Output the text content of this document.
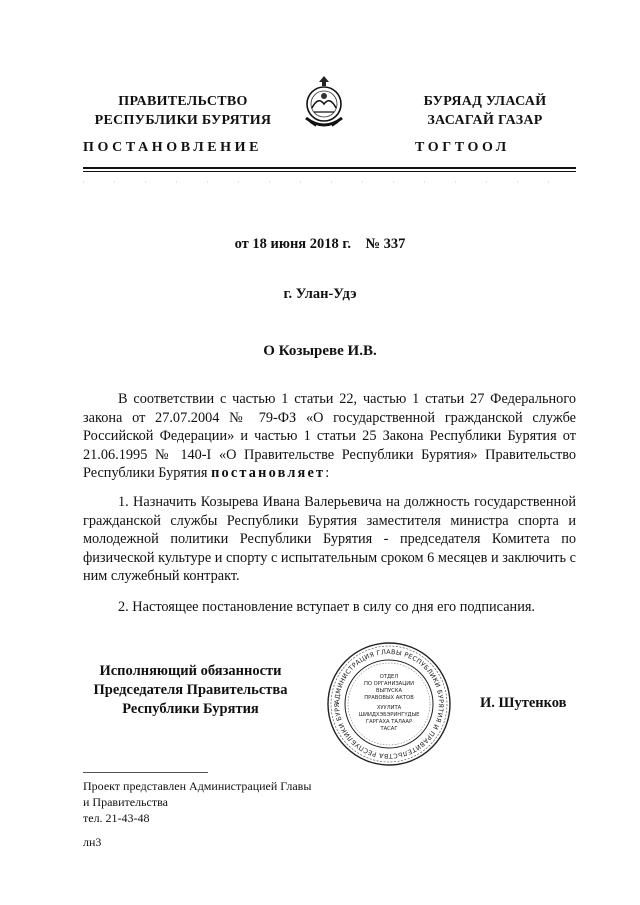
ПРАВИТЕЛЬСТВО
РЕСПУБЛИКИ БУРЯТИЯ
БУРЯАД УЛАСАЙ
ЗАСАГАЙ ГАЗАР
ПОСТАНОВЛЕНИЕ	ТОГТООЛ
от 18 июня 2018 г.    № 337
г. Улан-Удэ
О Козыреве И.В.

В соответствии с частью 1 статьи 22, частью 1 статьи 27 Федерального закона от 27.07.2004 № 79-ФЗ «О государственной гражданской службе Российской Федерации» и частью 1 статьи 25 Закона Республики Бурятия от 21.06.1995 № 140-I «О Правительстве Республики Бурятия» Правительство Республики Бурятия постановляет:

1. Назначить Козырева Ивана Валерьевича на должность государственной гражданской службы Республики Бурятия заместителя министра спорта и молодежной политики Республики Бурятия - председателя Комитета по физической культуре и спорту с испытательным сроком 6 месяцев и заключить с ним служебный контракт.

2. Настоящее постановление вступает в силу со дня его подписания.

Исполняющий обязанности
Председателя Правительства
Республики Бурятия	И. Шутенков
АДМИНИСТРАЦИЯ ГЛАВЫ РЕСПУБЛИКИ БУРЯТИЯ И ПРАВИТЕЛЬСТВА РЕСПУБЛИКИ БУРЯ
ОТДЕЛ
ПО ОРГАНИЗАЦИИ
ВЫПУСКА
ПРАВОВЫХ АКТОВ
ХУУЛИТА
ШИИДХЭБЭРИНГҮДЫЕ
ГАРГАХА ТАЛААР
ТАСАГ
Проект представлен Администрацией Главы
и Правительства
тел. 21-43-48
лн3
